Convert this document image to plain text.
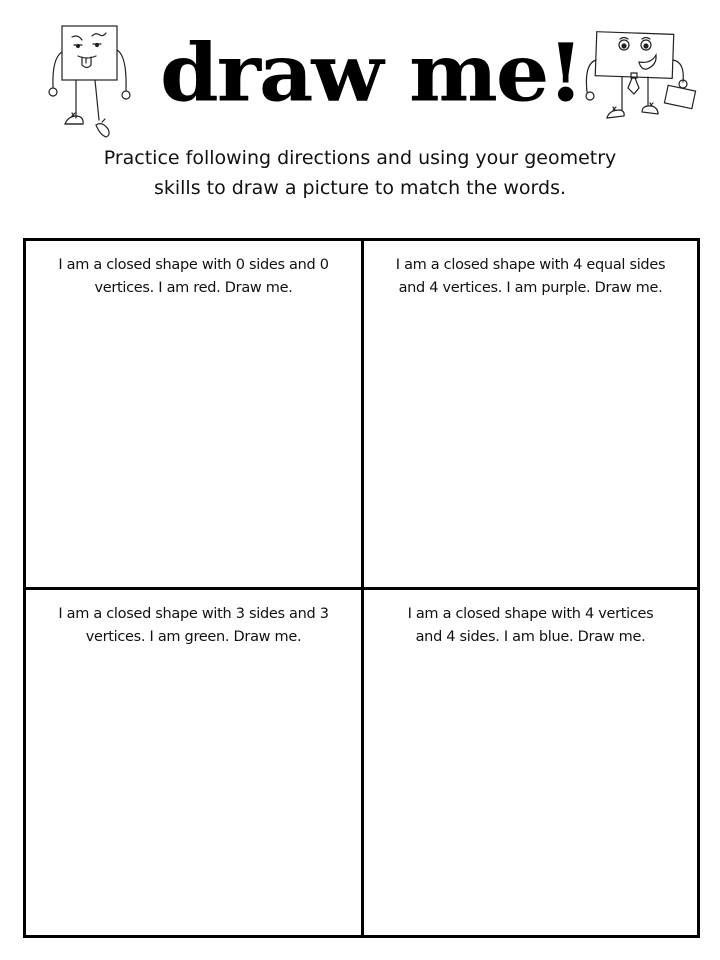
draw me!
Practice following directions and using your geometry
skills to draw a picture to match the words.
I am a closed shape with 0 sides and 0
vertices. I am red. Draw me.
I am a closed shape with 4 equal sides
and 4 vertices. I am purple. Draw me.
I am a closed shape with 3 sides and 3
vertices. I am green. Draw me.
I am a closed shape with 4 vertices
and 4 sides. I am blue. Draw me.
